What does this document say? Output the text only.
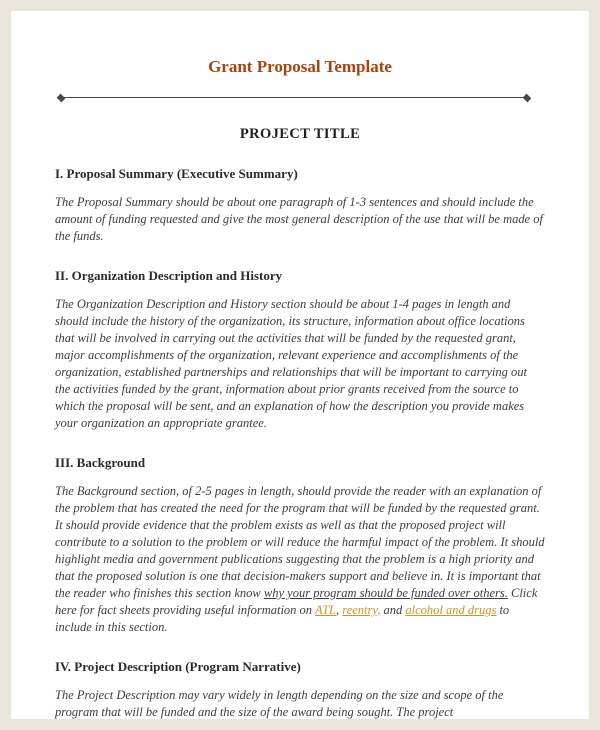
Grant Proposal Template
PROJECT TITLE
I. Proposal Summary (Executive Summary)

The Proposal Summary should be about one paragraph of 1-3 sentences and should include the amount of funding requested and give the most general description of the use that will be made of the funds.

II. Organization Description and History

The Organization Description and History section should be about 1-4 pages in length and should include the history of the organization, its structure, information about office locations that will be involved in carrying out the activities that will be funded by the requested grant, major accomplishments of the organization, relevant experience and accomplishments of the organization, established partnerships and relationships that will be important to carrying out the activities funded by the grant, information about prior grants received from the source to which the proposal will be sent, and an explanation of how the description you provide makes your organization an appropriate grantee.

III. Background

The Background section, of 2-5 pages in length, should provide the reader with an explanation of the problem that has created the need for the program that will be funded by the requested grant. It should provide evidence that the problem exists as well as that the proposed project will contribute to a solution to the problem or will reduce the harmful impact of the problem. It should highlight media and government publications suggesting that the problem is a high priority and that the proposed solution is one that decision-makers support and believe in. It is important that the reader who finishes this section know why your program should be funded over others. Click here for fact sheets providing useful information on ATL, reentry, and alcohol and drugs to include in this section.

IV. Project Description (Program Narrative)

The Project Description may vary widely in length depending on the size and scope of the program that will be funded and the size of the award being sought. The project
